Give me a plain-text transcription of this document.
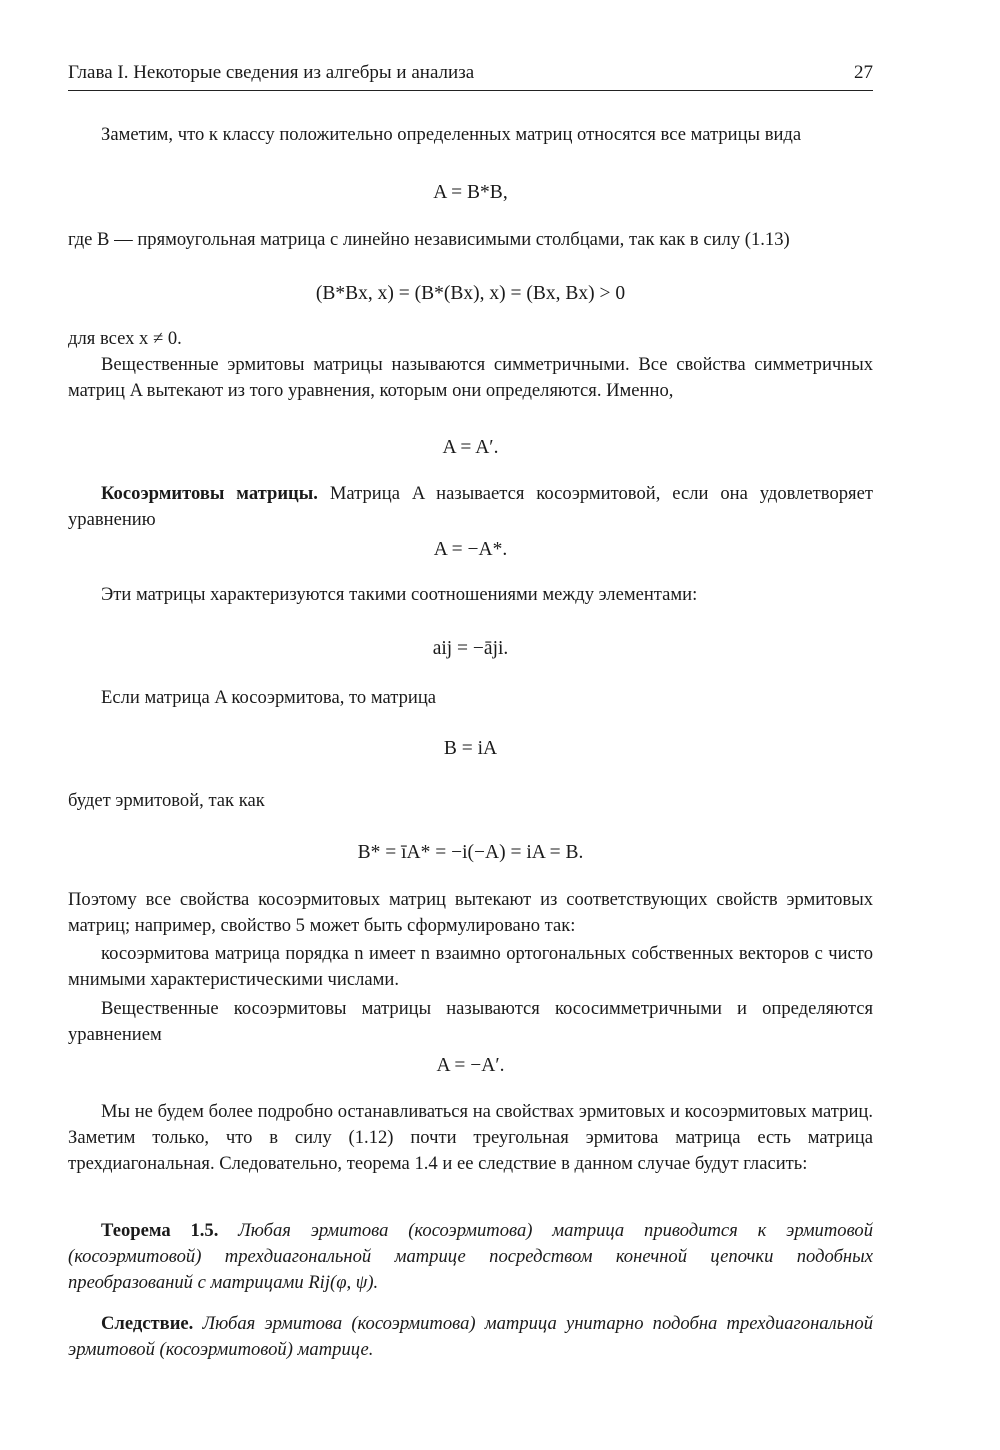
Глава I. Некоторые сведения из алгебры и анализа	27
Заметим, что к классу положительно определенных матриц относятся все матрицы вида
A = B*B,
где B — прямоугольная матрица с линейно независимыми столбцами, так как в силу (1.13)
(B*Bx, x) = (B*(Bx), x) = (Bx, Bx) > 0
для всех x ≠ 0.
Вещественные эрмитовы матрицы называются симметричными. Все свойства симметричных матриц A вытекают из того уравнения, которым они определяются. Именно,
A = A′.
Косоэрмитовы матрицы. Матрица A называется косоэрмитовой, если она удовлетворяет уравнению
A = −A*.
Эти матрицы характеризуются такими соотношениями между элементами:
aij = −āji.
Если матрица A косоэрмитова, то матрица
B = iA
будет эрмитовой, так как
B* = īA* = −i(−A) = iA = B.
Поэтому все свойства косоэрмитовых матриц вытекают из соответствующих свойств эрмитовых матриц; например, свойство 5 может быть сформулировано так:
косоэрмитова матрица порядка n имеет n взаимно ортогональных собственных векторов с чисто мнимыми характеристическими числами.
Вещественные косоэрмитовы матрицы называются кососимметричными и определяются уравнением
A = −A′.
Мы не будем более подробно останавливаться на свойствах эрмитовых и косоэрмитовых матриц. Заметим только, что в силу (1.12) почти треугольная эрмитова матрица есть матрица трехдиагональная. Следовательно, теорема 1.4 и ее следствие в данном случае будут гласить:
Теорема 1.5. Любая эрмитова (косоэрмитова) матрица приводится к эрмитовой (косоэрмитовой) трехдиагональной матрице посредством конечной цепочки подобных преобразований с матрицами Rij(φ, ψ).
Следствие. Любая эрмитова (косоэрмитова) матрица унитарно подобна трехдиагональной эрмитовой (косоэрмитовой) матрице.
